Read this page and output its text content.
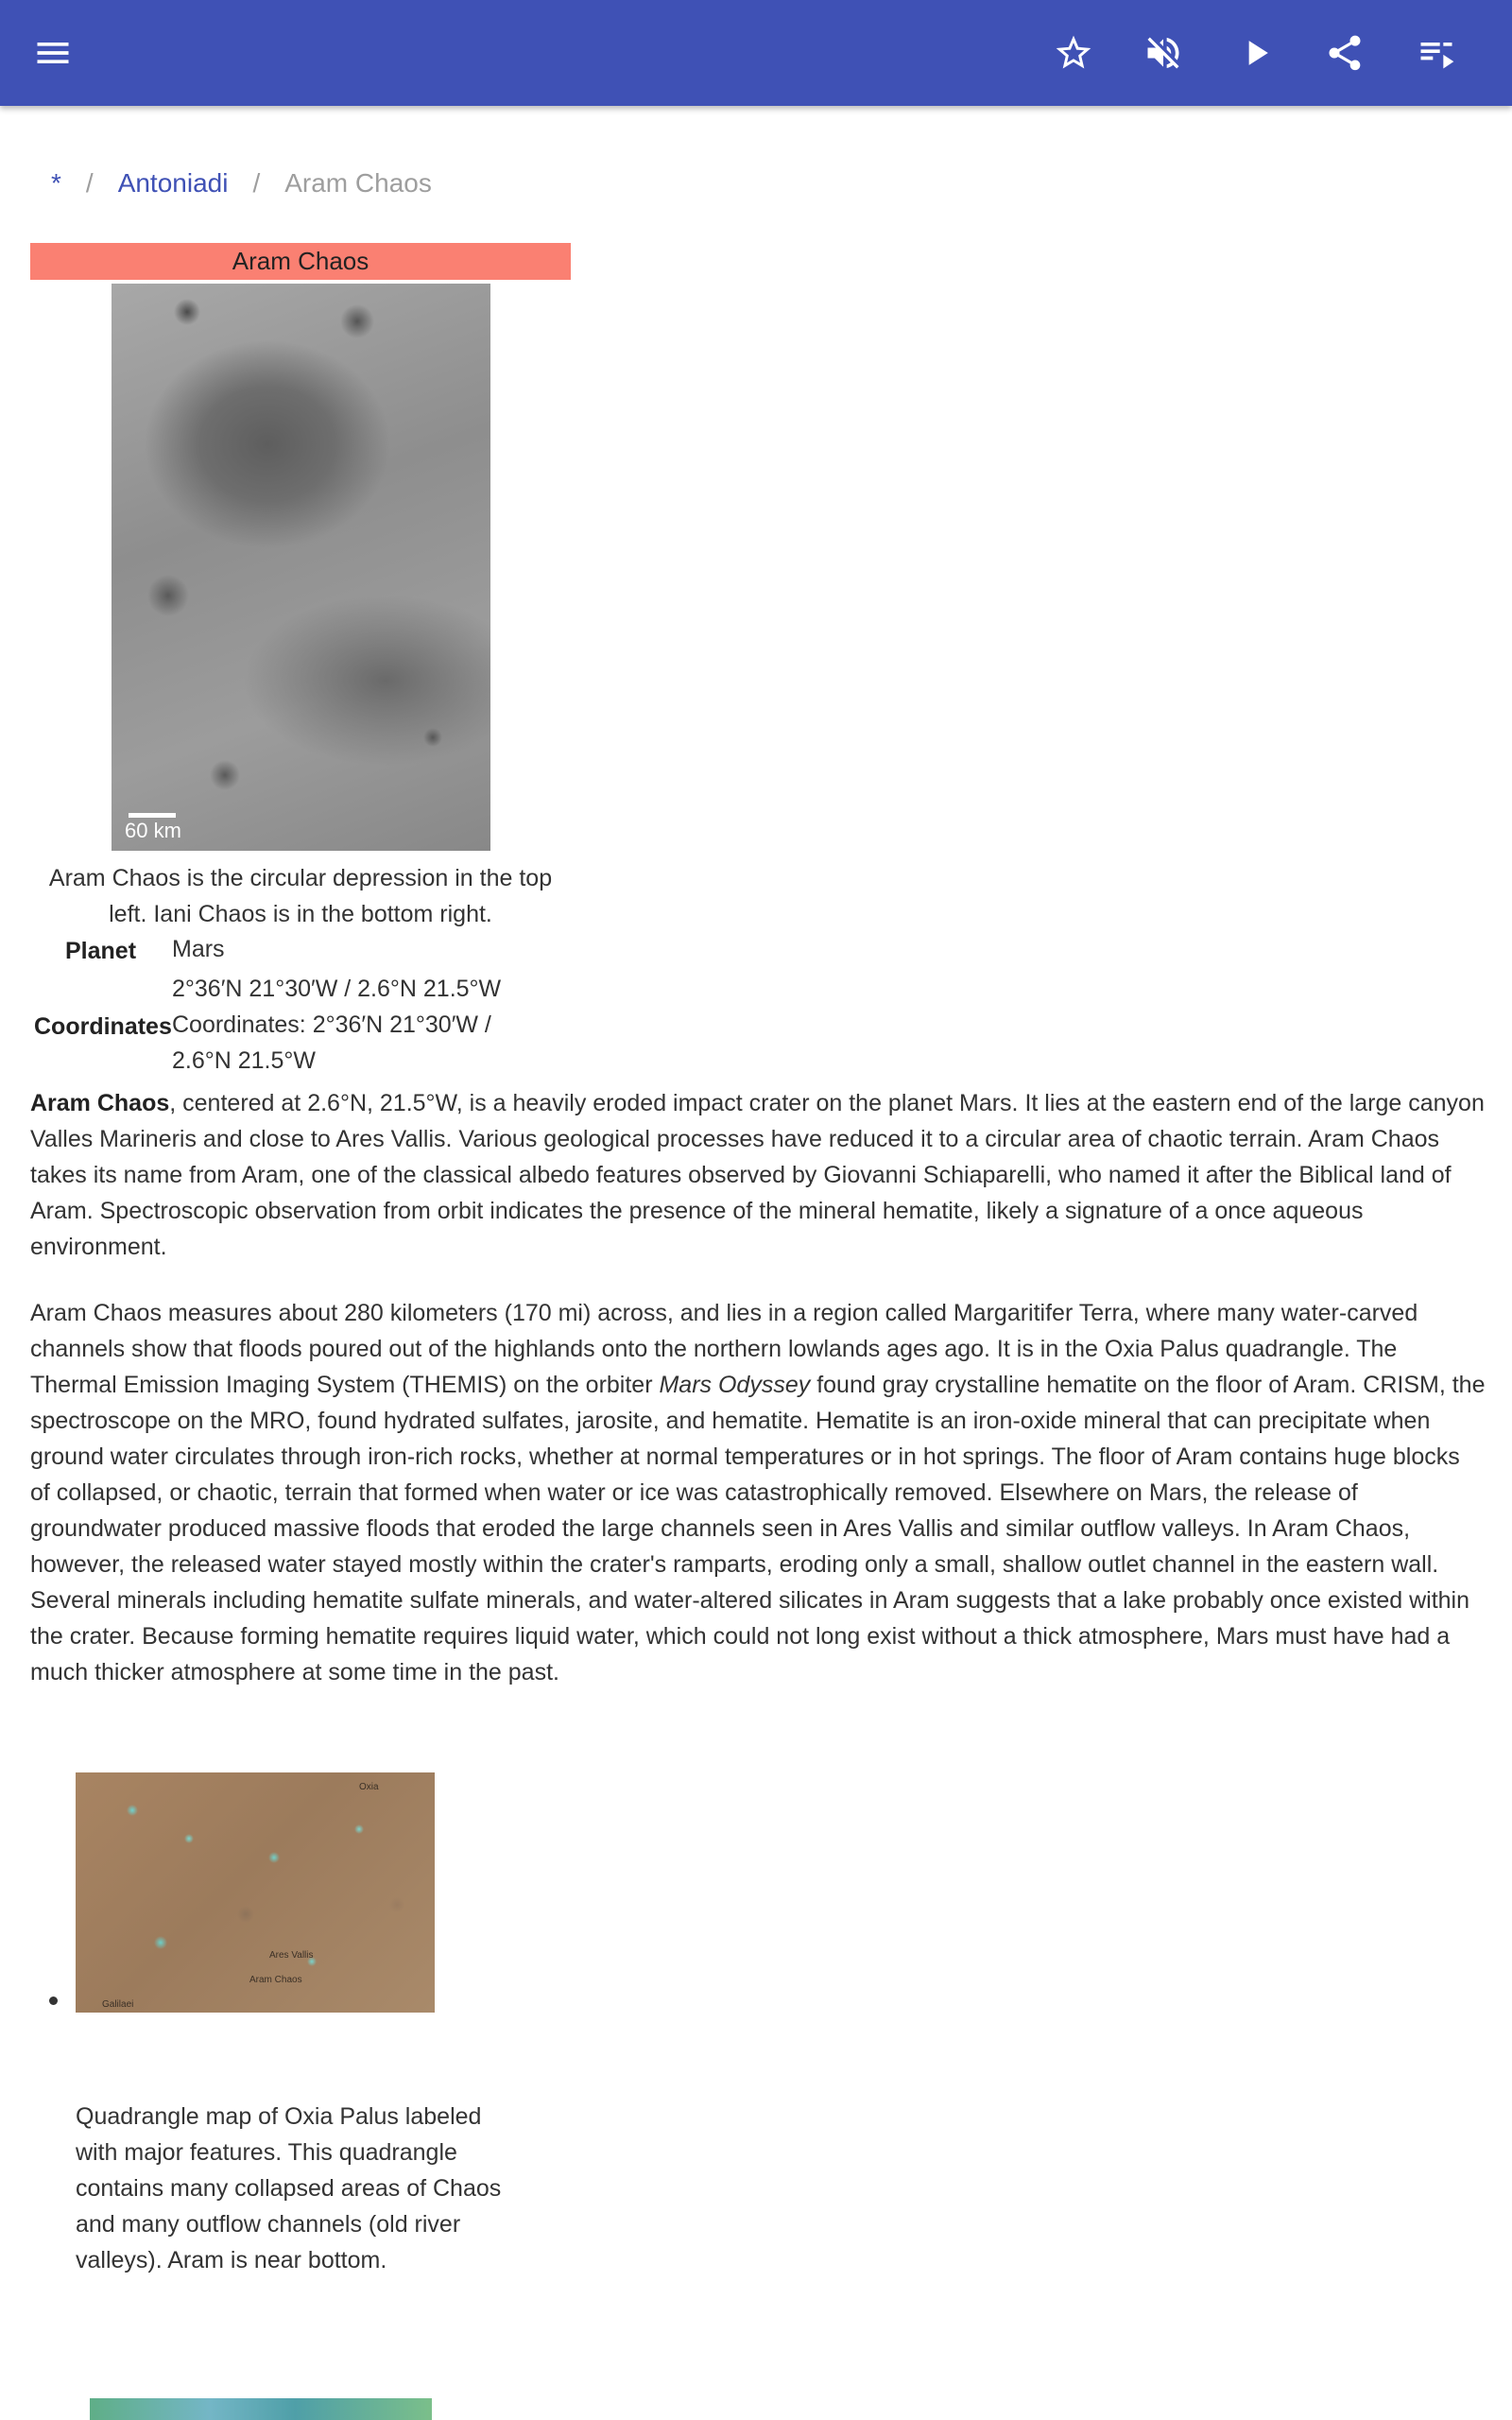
* / Antoniadi / Aram Chaos
Aram Chaos
60 km
Aram Chaos is the circular depression in the top left. Iani Chaos is in the bottom right.
Planet Mars
Coordinates
2°36′N 21°30′W / 2.6°N 21.5°W
Coordinates: 2°36′N 21°30′W /
2.6°N 21.5°W

Aram Chaos, centered at 2.6°N, 21.5°W, is a heavily eroded impact crater on the planet Mars. It lies at the eastern end of the large canyon Valles Marineris and close to Ares Vallis. Various geological processes have reduced it to a circular area of chaotic terrain. Aram Chaos takes its name from Aram, one of the classical albedo features observed by Giovanni Schiaparelli, who named it after the Biblical land of Aram. Spectroscopic observation from orbit indicates the presence of the mineral hematite, likely a signature of a once aqueous environment.

Aram Chaos measures about 280 kilometers (170 mi) across, and lies in a region called Margaritifer Terra, where many water-carved channels show that floods poured out of the highlands onto the northern lowlands ages ago. It is in the Oxia Palus quadrangle. The Thermal Emission Imaging System (THEMIS) on the orbiter Mars Odyssey found gray crystalline hematite on the floor of Aram. CRISM, the spectroscope on the MRO, found hydrated sulfates, jarosite, and hematite. Hematite is an iron-oxide mineral that can precipitate when ground water circulates through iron-rich rocks, whether at normal temperatures or in hot springs. The floor of Aram contains huge blocks of collapsed, or chaotic, terrain that formed when water or ice was catastrophically removed. Elsewhere on Mars, the release of groundwater produced massive floods that eroded the large channels seen in Ares Vallis and similar outflow valleys. In Aram Chaos, however, the released water stayed mostly within the crater's ramparts, eroding only a small, shallow outlet channel in the eastern wall. Several minerals including hematite sulfate minerals, and water-altered silicates in Aram suggests that a lake probably once existed within the crater. Because forming hematite requires liquid water, which could not long exist without a thick atmosphere, Mars must have had a much thicker atmosphere at some time in the past.

Oxia
Aram Chaos
Ares Vallis
Galilaei
Quadrangle map of Oxia Palus labeled with major features. This quadrangle contains many collapsed areas of Chaos and many outflow channels (old river valleys). Aram is near bottom.
